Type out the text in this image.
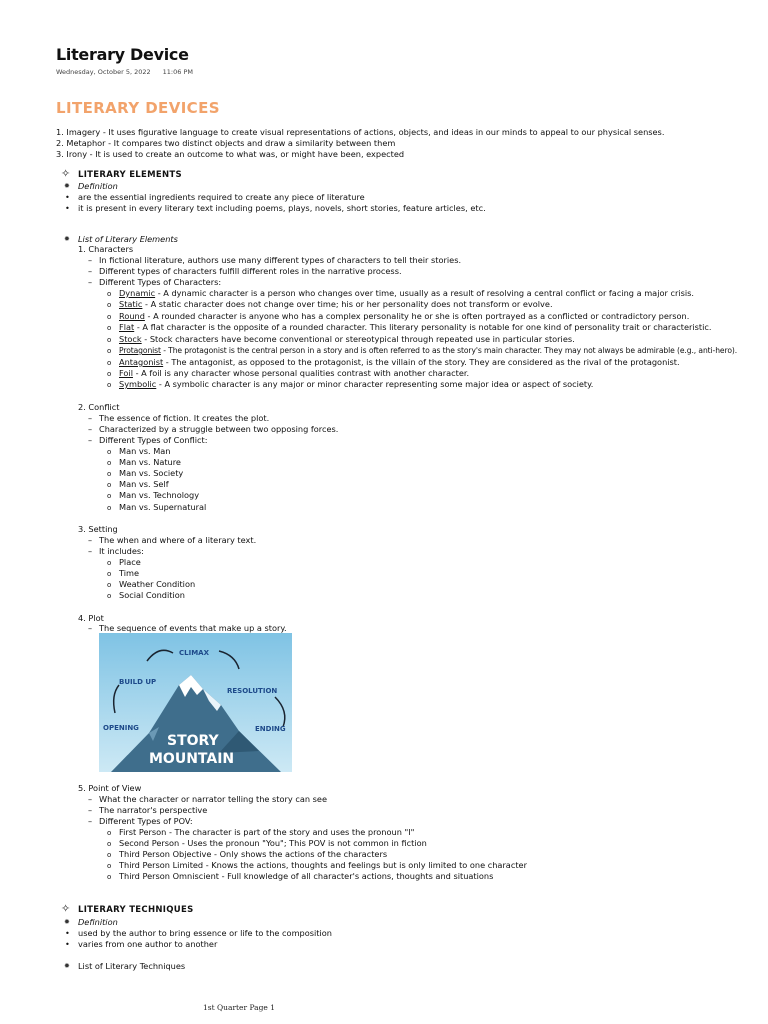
Literary Device
Wednesday, October 5, 2022 11:06 PM
LITERARY DEVICES
1. Imagery - It uses figurative language to create visual representations of actions, objects, and ideas in our minds to appeal to our physical senses.
2. Metaphor - It compares two distinct objects and draw a similarity between them
3. Irony - It is used to create an outcome to what was, or might have been, expected
✧ LITERARY ELEMENTS
✹ Definition
•
are the essential ingredients required to create any piece of literature
•
it is present in every literary text including poems, plays, novels, short stories, feature articles, etc.
✹ List of Literary Elements
1. Characters
–
In fictional literature, authors use many different types of characters to tell their stories.
–
Different types of characters fulfill different roles in the narrative process.
–
Different Types of Characters:
o
Dynamic - A dynamic character is a person who changes over time, usually as a result of resolving a central conflict or facing a major crisis.
o
Static - A static character does not change over time; his or her personality does not transform or evolve.
o
Round - A rounded character is anyone who has a complex personality he or she is often portrayed as a conflicted or contradictory person.
o
Flat - A flat character is the opposite of a rounded character. This literary personality is notable for one kind of personality trait or characteristic.
o
Stock - Stock characters have become conventional or stereotypical through repeated use in particular stories.
o
Protagonist - The protagonist is the central person in a story and is often referred to as the story's main character. They may not always be admirable (e.g., anti-hero).
o
Antagonist - The antagonist, as opposed to the protagonist, is the villain of the story. They are considered as the rival of the protagonist.
o
Foil - A foil is any character whose personal qualities contrast with another character.
o
Symbolic - A symbolic character is any major or minor character representing some major idea or aspect of society.
2. Conflict
–
The essence of fiction. It creates the plot.
–
Characterized by a struggle between two opposing forces.
–
Different Types of Conflict:
o
Man vs. Man
o
Man vs. Nature
o
Man vs. Society
o
Man vs. Self
o
Man vs. Technology
o
Man vs. Supernatural
3. Setting
–
The when and where of a literary text.
–
It includes:
o
Place
o
Time
o
Weather Condition
o
Social Condition
4. Plot
–
The sequence of events that make up a story.
CLIMAX
BUILD UP
RESOLUTION
OPENING	ENDING
STORY
MOUNTAIN
5. Point of View
–
What the character or narrator telling the story can see
–
The narrator's perspective
–
Different Types of POV:
o
First Person - The character is part of the story and uses the pronoun "I"
o
Second Person - Uses the pronoun "You"; This POV is not common in fiction
o
Third Person Objective - Only shows the actions of the characters
o
Third Person Limited - Knows the actions, thoughts and feelings but is only limited to one character
o
Third Person Omniscient - Full knowledge of all character's actions, thoughts and situations
✧ LITERARY TECHNIQUES
✹ Definition
•
used by the author to bring essence or life to the composition
•
varies from one author to another
✹ List of Literary Techniques
1st Quarter Page 1
